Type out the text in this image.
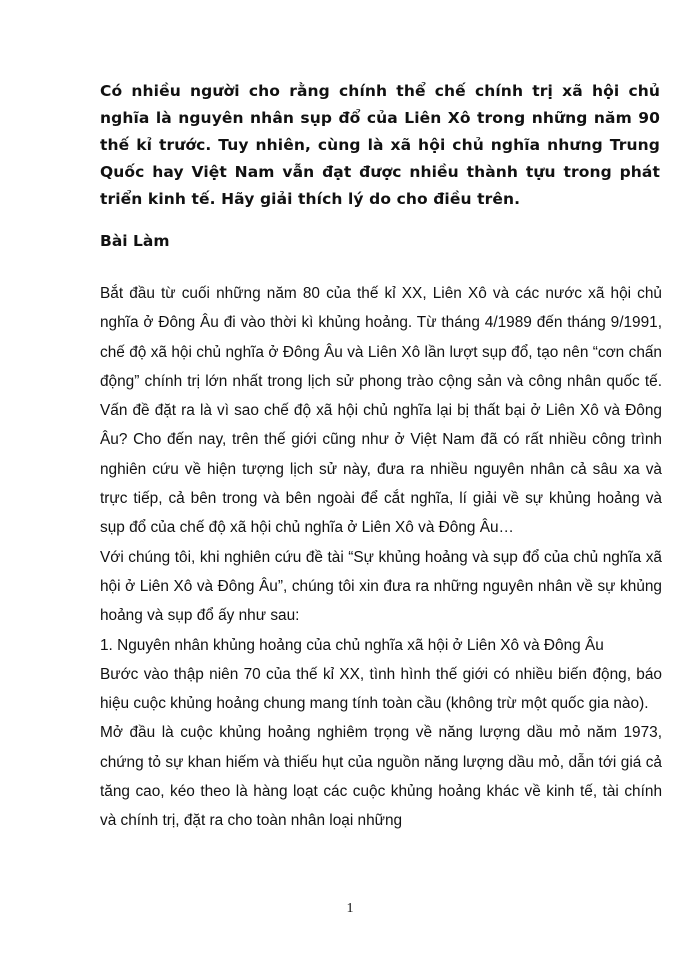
Có nhiều người cho rằng chính thể chế chính trị xã hội chủ nghĩa là nguyên nhân sụp đổ của Liên Xô trong những năm 90 thế kỉ trước. Tuy nhiên, cùng là xã hội chủ nghĩa nhưng Trung Quốc hay Việt Nam vẫn đạt được nhiều thành tựu trong phát triển kinh tế. Hãy giải thích lý do cho điều trên.

Bài Làm

Bắt đầu từ cuối những năm 80 của thế kỉ XX, Liên Xô và các nước xã hội chủ nghĩa ở Đông Âu đi vào thời kì khủng hoảng. Từ tháng 4/1989 đến tháng 9/1991, chế độ xã hội chủ nghĩa ở Đông Âu và Liên Xô lần lượt sụp đổ, tạo nên “cơn chấn động” chính trị lớn nhất trong lịch sử phong trào cộng sản và công nhân quốc tế. Vấn đề đặt ra là vì sao chế độ xã hội chủ nghĩa lại bị thất bại ở Liên Xô và Đông Âu? Cho đến nay, trên thế giới cũng như ở Việt Nam đã có rất nhiều công trình nghiên cứu về hiện tượng lịch sử này, đưa ra nhiều nguyên nhân cả sâu xa và trực tiếp, cả bên trong và bên ngoài để cắt nghĩa, lí giải về sự khủng hoảng và sụp đổ của chế độ xã hội chủ nghĩa ở Liên Xô và Đông Âu…

Với chúng tôi, khi nghiên cứu đề tài “Sự khủng hoảng và sụp đổ của chủ nghĩa xã hội ở Liên Xô và Đông Âu”, chúng tôi xin đưa ra những nguyên nhân về sự khủng hoảng và sụp đổ ấy như sau:

1. Nguyên nhân khủng hoảng của chủ nghĩa xã hội ở Liên Xô và Đông Âu

Bước vào thập niên 70 của thế kỉ XX, tình hình thế giới có nhiều biến động, báo hiệu cuộc khủng hoảng chung mang tính toàn cầu (không trừ một quốc gia nào).

Mở đầu là cuộc khủng hoảng nghiêm trọng về năng lượng dầu mỏ năm 1973, chứng tỏ sự khan hiếm và thiếu hụt của nguồn năng lượng dầu mỏ, dẫn tới giá cả tăng cao, kéo theo là hàng loạt các cuộc khủng hoảng khác về kinh tế, tài chính và chính trị, đặt ra cho toàn nhân loại những

1
